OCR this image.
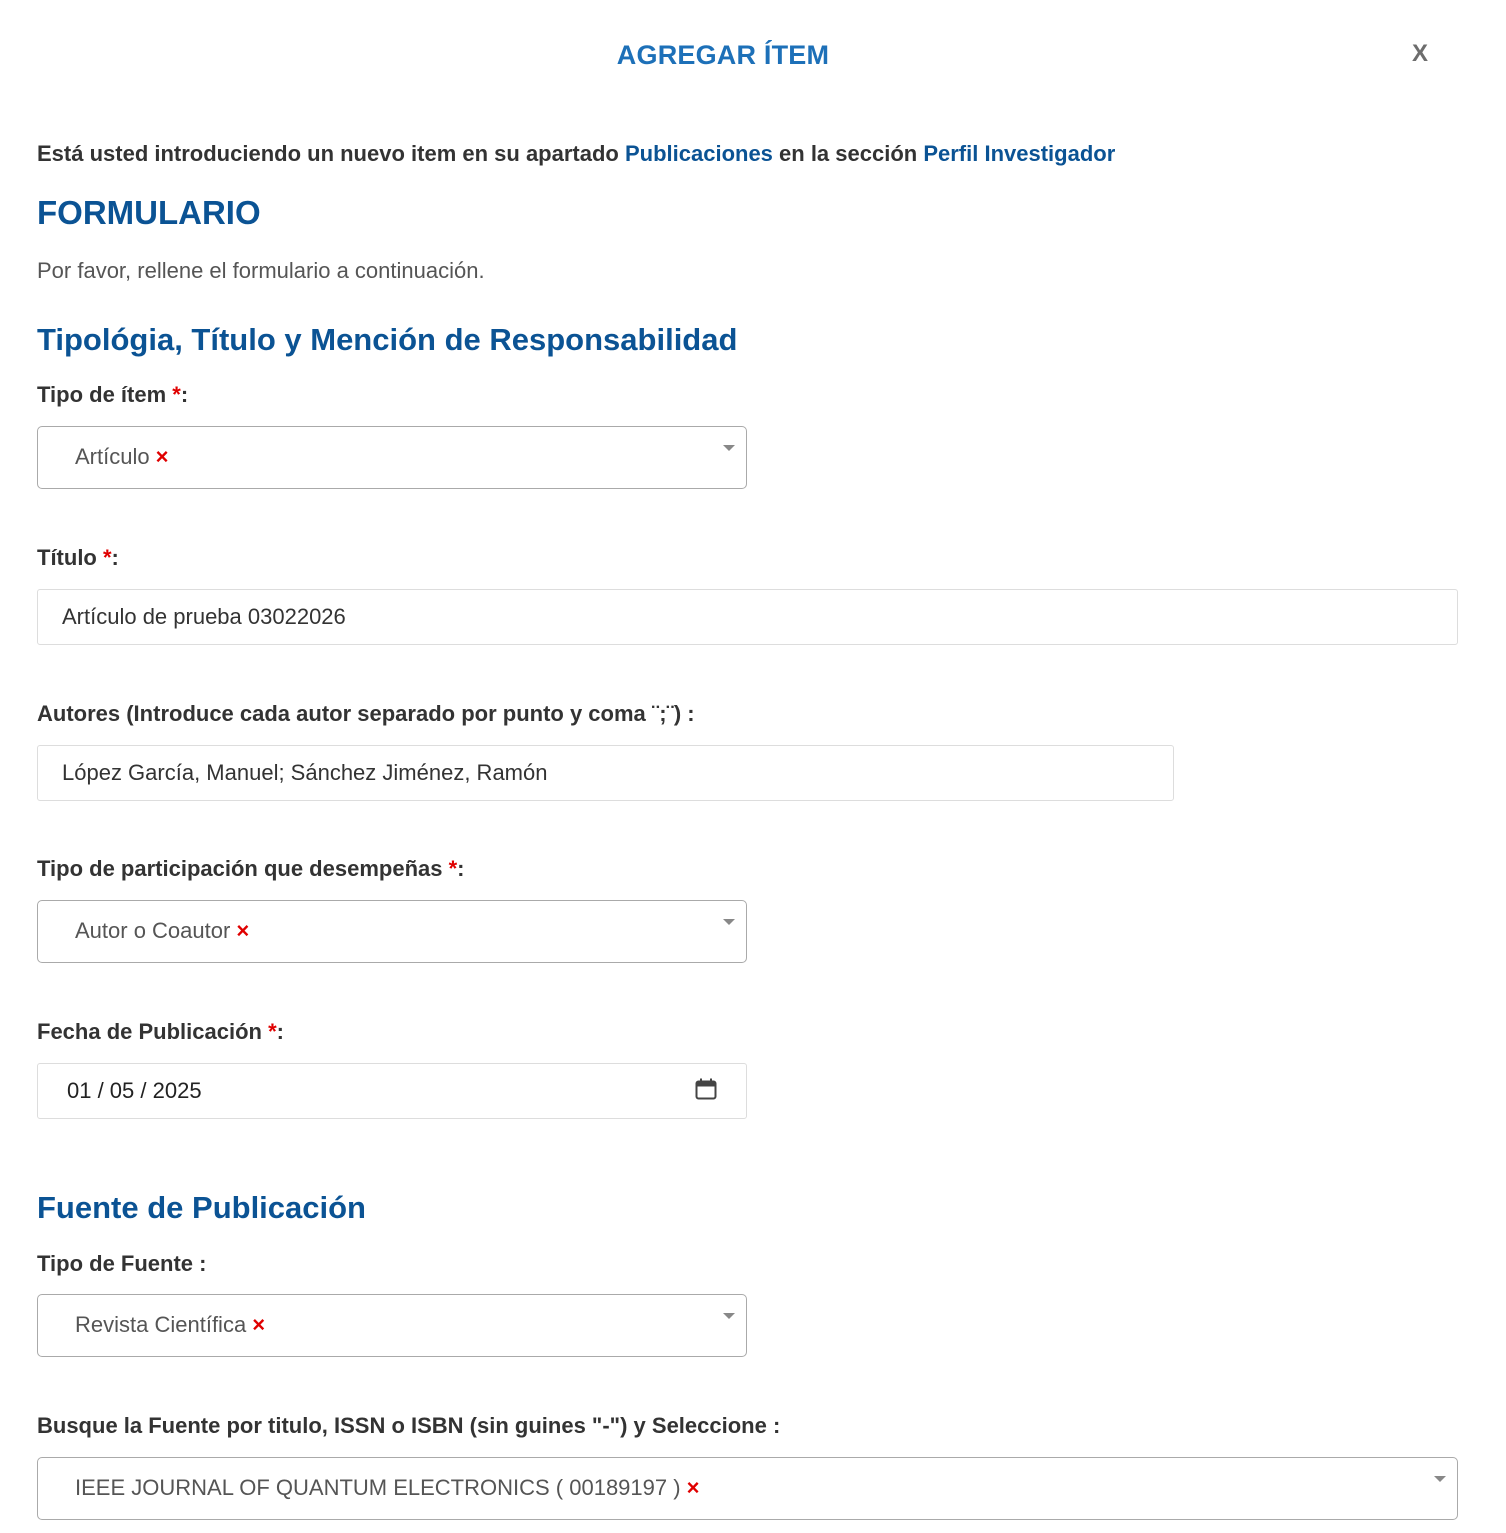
AGREGAR ÍTEM	X

Está usted introduciendo un nuevo item en su apartado Publicaciones en la sección Perfil Investigador

FORMULARIO

Por favor, rellene el formulario a continuación.

Tipológia, Título y Mención de Responsabilidad

Tipo de ítem *:

Artículo ×

Título *:

Artículo de prueba 03022026

Autores (Introduce cada autor separado por punto y coma ¨;¨) :

López García, Manuel; Sánchez Jiménez, Ramón

Tipo de participación que desempeñas *:

Autor o Coautor ×

Fecha de Publicación *:

01 / 05 / 2025
Fuente de Publicación

Tipo de Fuente :

Revista Científica ×

Busque la Fuente por titulo, ISSN o ISBN (sin guines "-") y Seleccione :

IEEE JOURNAL OF QUANTUM ELECTRONICS ( 00189197 ) ×
